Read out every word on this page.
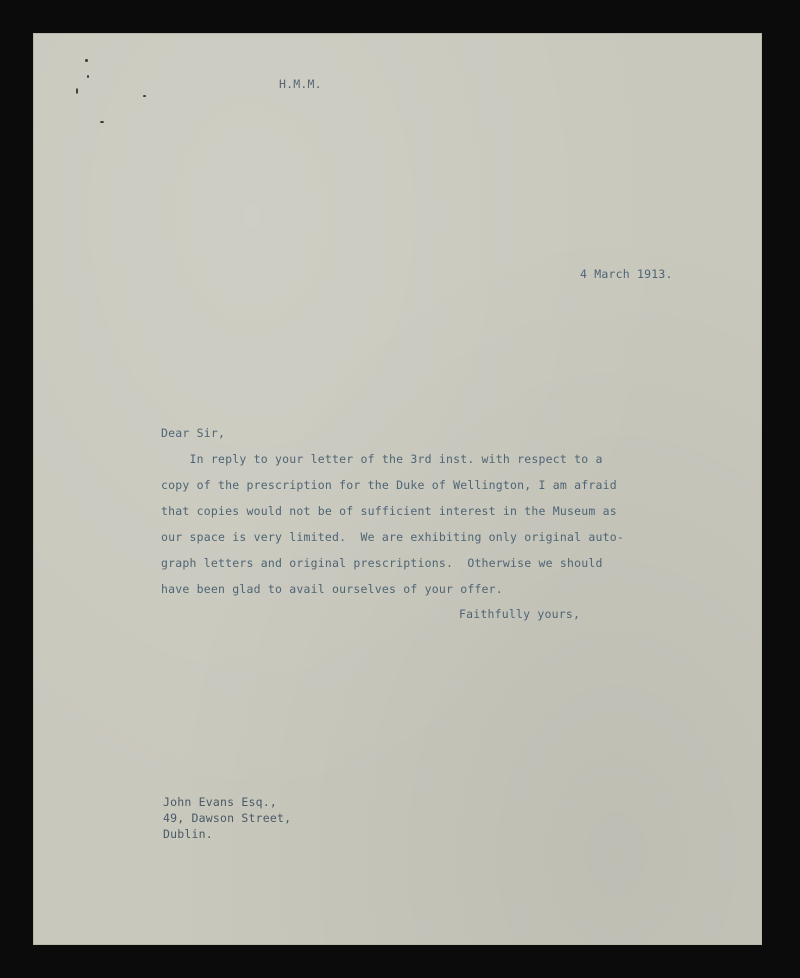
H.M.M.
4 March 1913.
Dear Sir,
In reply to your letter of the 3rd inst. with respect to a
copy of the prescription for the Duke of Wellington, I am afraid
that copies would not be of sufficient interest in the Museum as
our space is very limited.  We are exhibiting only original auto-
graph letters and original prescriptions.  Otherwise we should
have been glad to avail ourselves of your offer.
Faithfully yours,
John Evans Esq.,
49, Dawson Street,
Dublin.
